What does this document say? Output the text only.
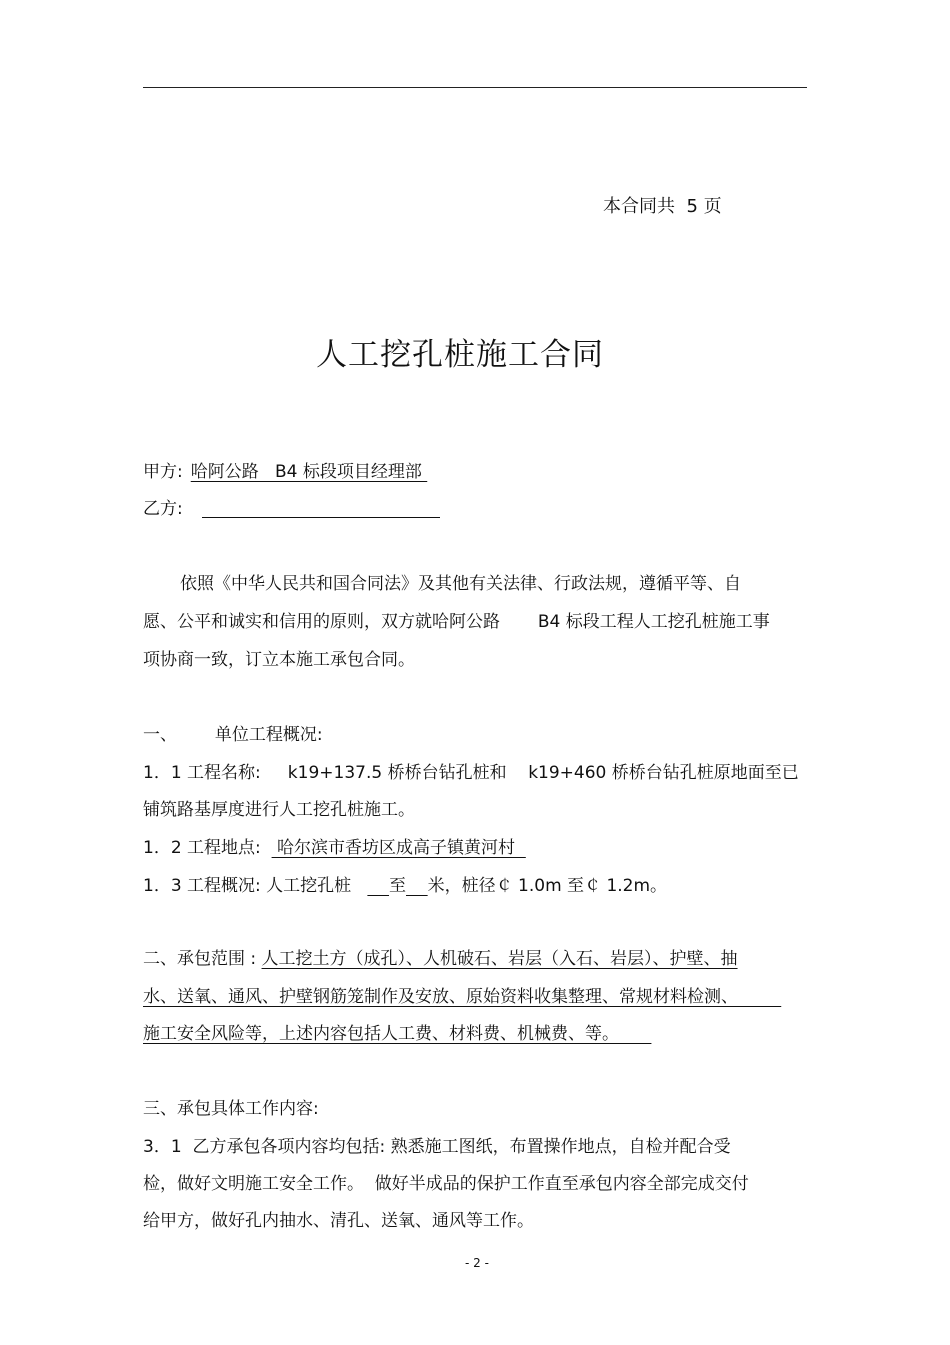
本合同共  5 页
人工挖孔桩施工合同
甲方: 哈阿公路   B4 标段项目经理部
乙方:
依照《中华人民共和国合同法》及其他有关法律、行政法规，遵循平等、自
愿、公平和诚实和信用的原则，双方就哈阿公路       B4 标段工程人工挖孔桩施工事
项协商一致，订立本施工承包合同。
一、       单位工程概况:
1．1 工程名称:     k19+137.5 桥桥台钻孔桩和    k19+460 桥桥台钻孔桩原地面至已
铺筑路基厚度进行人工挖孔桩施工。
1．2 工程地点:   哈尔滨市香坊区成高子镇黄河村
1．3 工程概况: 人工挖孔桩       至 米，桩径￠ 1.0m 至￠ 1.2m。
二、承包范围 : 人工挖土方（成孔）、人机破石、岩层（入石、岩层）、护壁、抽
水、送氧、通风、护壁钢筋笼制作及安放、原始资料收集整理、常规材料检测、
施工安全风险等，上述内容包括人工费、材料费、机械费、等。
三、承包具体工作内容:
3．1  乙方承包各项内容均包括: 熟悉施工图纸，布置操作地点，自检并配合受
检，做好文明施工安全工作。  做好半成品的保护工作直至承包内容全部完成交付
给甲方，做好孔内抽水、清孔、送氧、通风等工作。
- 2 -
